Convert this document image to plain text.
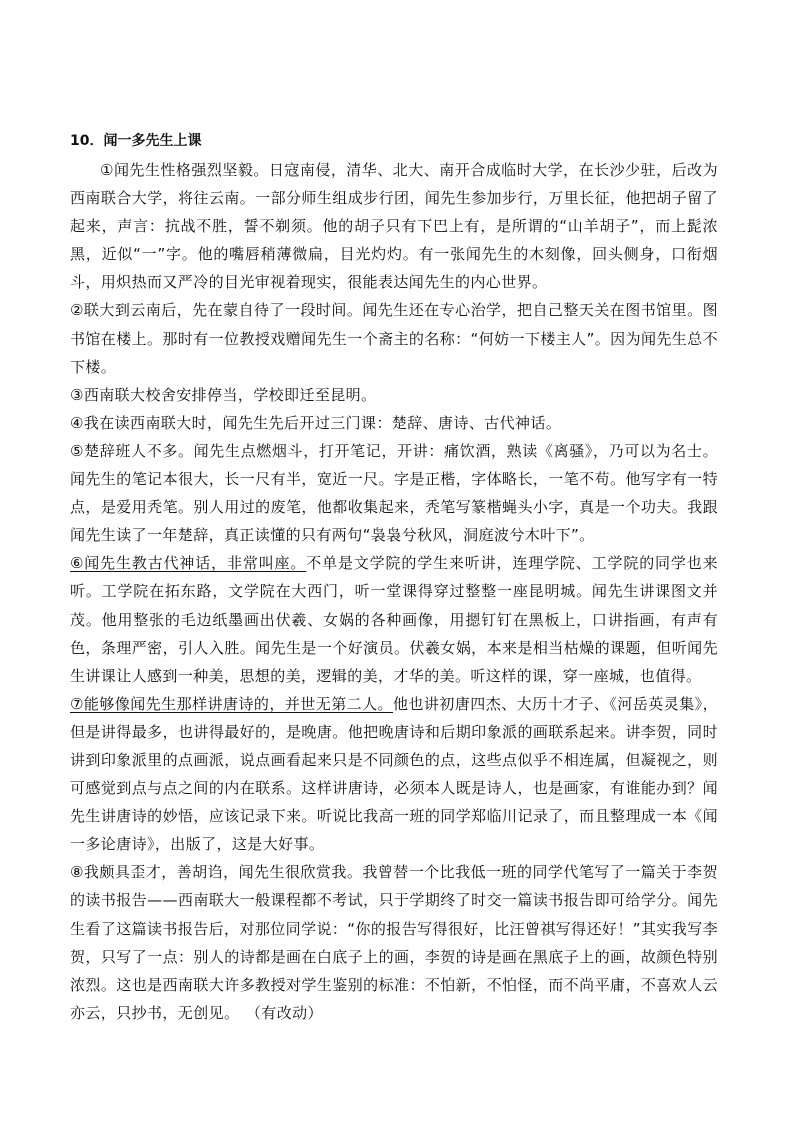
10．闻一多先生上课

①闻先生性格强烈坚毅。日寇南侵，清华、北大、南开合成临时大学，在长沙少驻，后改为西南联合大学，将往云南。一部分师生组成步行团，闻先生参加步行，万里长征，他把胡子留了起来，声言：抗战不胜，誓不剃须。他的胡子只有下巴上有，是所谓的“山羊胡子”，而上髭浓黑，近似“一”字。他的嘴唇稍薄微扁，目光灼灼。有一张闻先生的木刻像，回头侧身，口衔烟斗，用炽热而又严冷的目光审视着现实，很能表达闻先生的内心世界。

②联大到云南后，先在蒙自待了一段时间。闻先生还在专心治学，把自己整天关在图书馆里。图书馆在楼上。那时有一位教授戏赠闻先生一个斋主的名称：“何妨一下楼主人”。因为闻先生总不下楼。

③西南联大校舍安排停当，学校即迁至昆明。

④我在读西南联大时，闻先生先后开过三门课：楚辞、唐诗、古代神话。

⑤楚辞班人不多。闻先生点燃烟斗，打开笔记，开讲：痛饮酒，熟读《离骚》，乃可以为名士。闻先生的笔记本很大，长一尺有半，宽近一尺。字是正楷，字体略长，一笔不苟。他写字有一特点，是爱用秃笔。别人用过的废笔，他都收集起来，秃笔写篆楷蝇头小字，真是一个功夫。我跟闻先生读了一年楚辞，真正读懂的只有两句“袅袅兮秋风，洞庭波兮木叶下”。

⑥闻先生教古代神话，非常叫座。不单是文学院的学生来听讲，连理学院、工学院的同学也来听。工学院在拓东路，文学院在大西门，听一堂课得穿过整整一座昆明城。闻先生讲课图文并茂。他用整张的毛边纸墨画出伏羲、女娲的各种画像，用摁钉钉在黑板上，口讲指画，有声有色，条理严密，引人入胜。闻先生是一个好演员。伏羲女娲，本来是相当枯燥的课题，但听闻先生讲课让人感到一种美，思想的美，逻辑的美，才华的美。听这样的课，穿一座城，也值得。

⑦能够像闻先生那样讲唐诗的，并世无第二人。他也讲初唐四杰、大历十才子、《河岳英灵集》，但是讲得最多，也讲得最好的，是晚唐。他把晚唐诗和后期印象派的画联系起来。讲李贺，同时讲到印象派里的点画派，说点画看起来只是不同颜色的点，这些点似乎不相连属，但凝视之，则可感觉到点与点之间的内在联系。这样讲唐诗，必须本人既是诗人，也是画家，有谁能办到？闻先生讲唐诗的妙悟，应该记录下来。听说比我高一班的同学郑临川记录了，而且整理成一本《闻一多论唐诗》，出版了，这是大好事。

⑧我颇具歪才，善胡诌，闻先生很欣赏我。我曾替一个比我低一班的同学代笔写了一篇关于李贺的读书报告——西南联大一般课程都不考试，只于学期终了时交一篇读书报告即可给学分。闻先生看了这篇读书报告后，对那位同学说：“你的报告写得很好，比汪曾祺写得还好！”其实我写李贺，只写了一点：别人的诗都是画在白底子上的画，李贺的诗是画在黑底子上的画，故颜色特别浓烈。这也是西南联大许多教授对学生鉴别的标准：不怕新，不怕怪，而不尚平庸，不喜欢人云亦云，只抄书，无创见。 （有改动）
